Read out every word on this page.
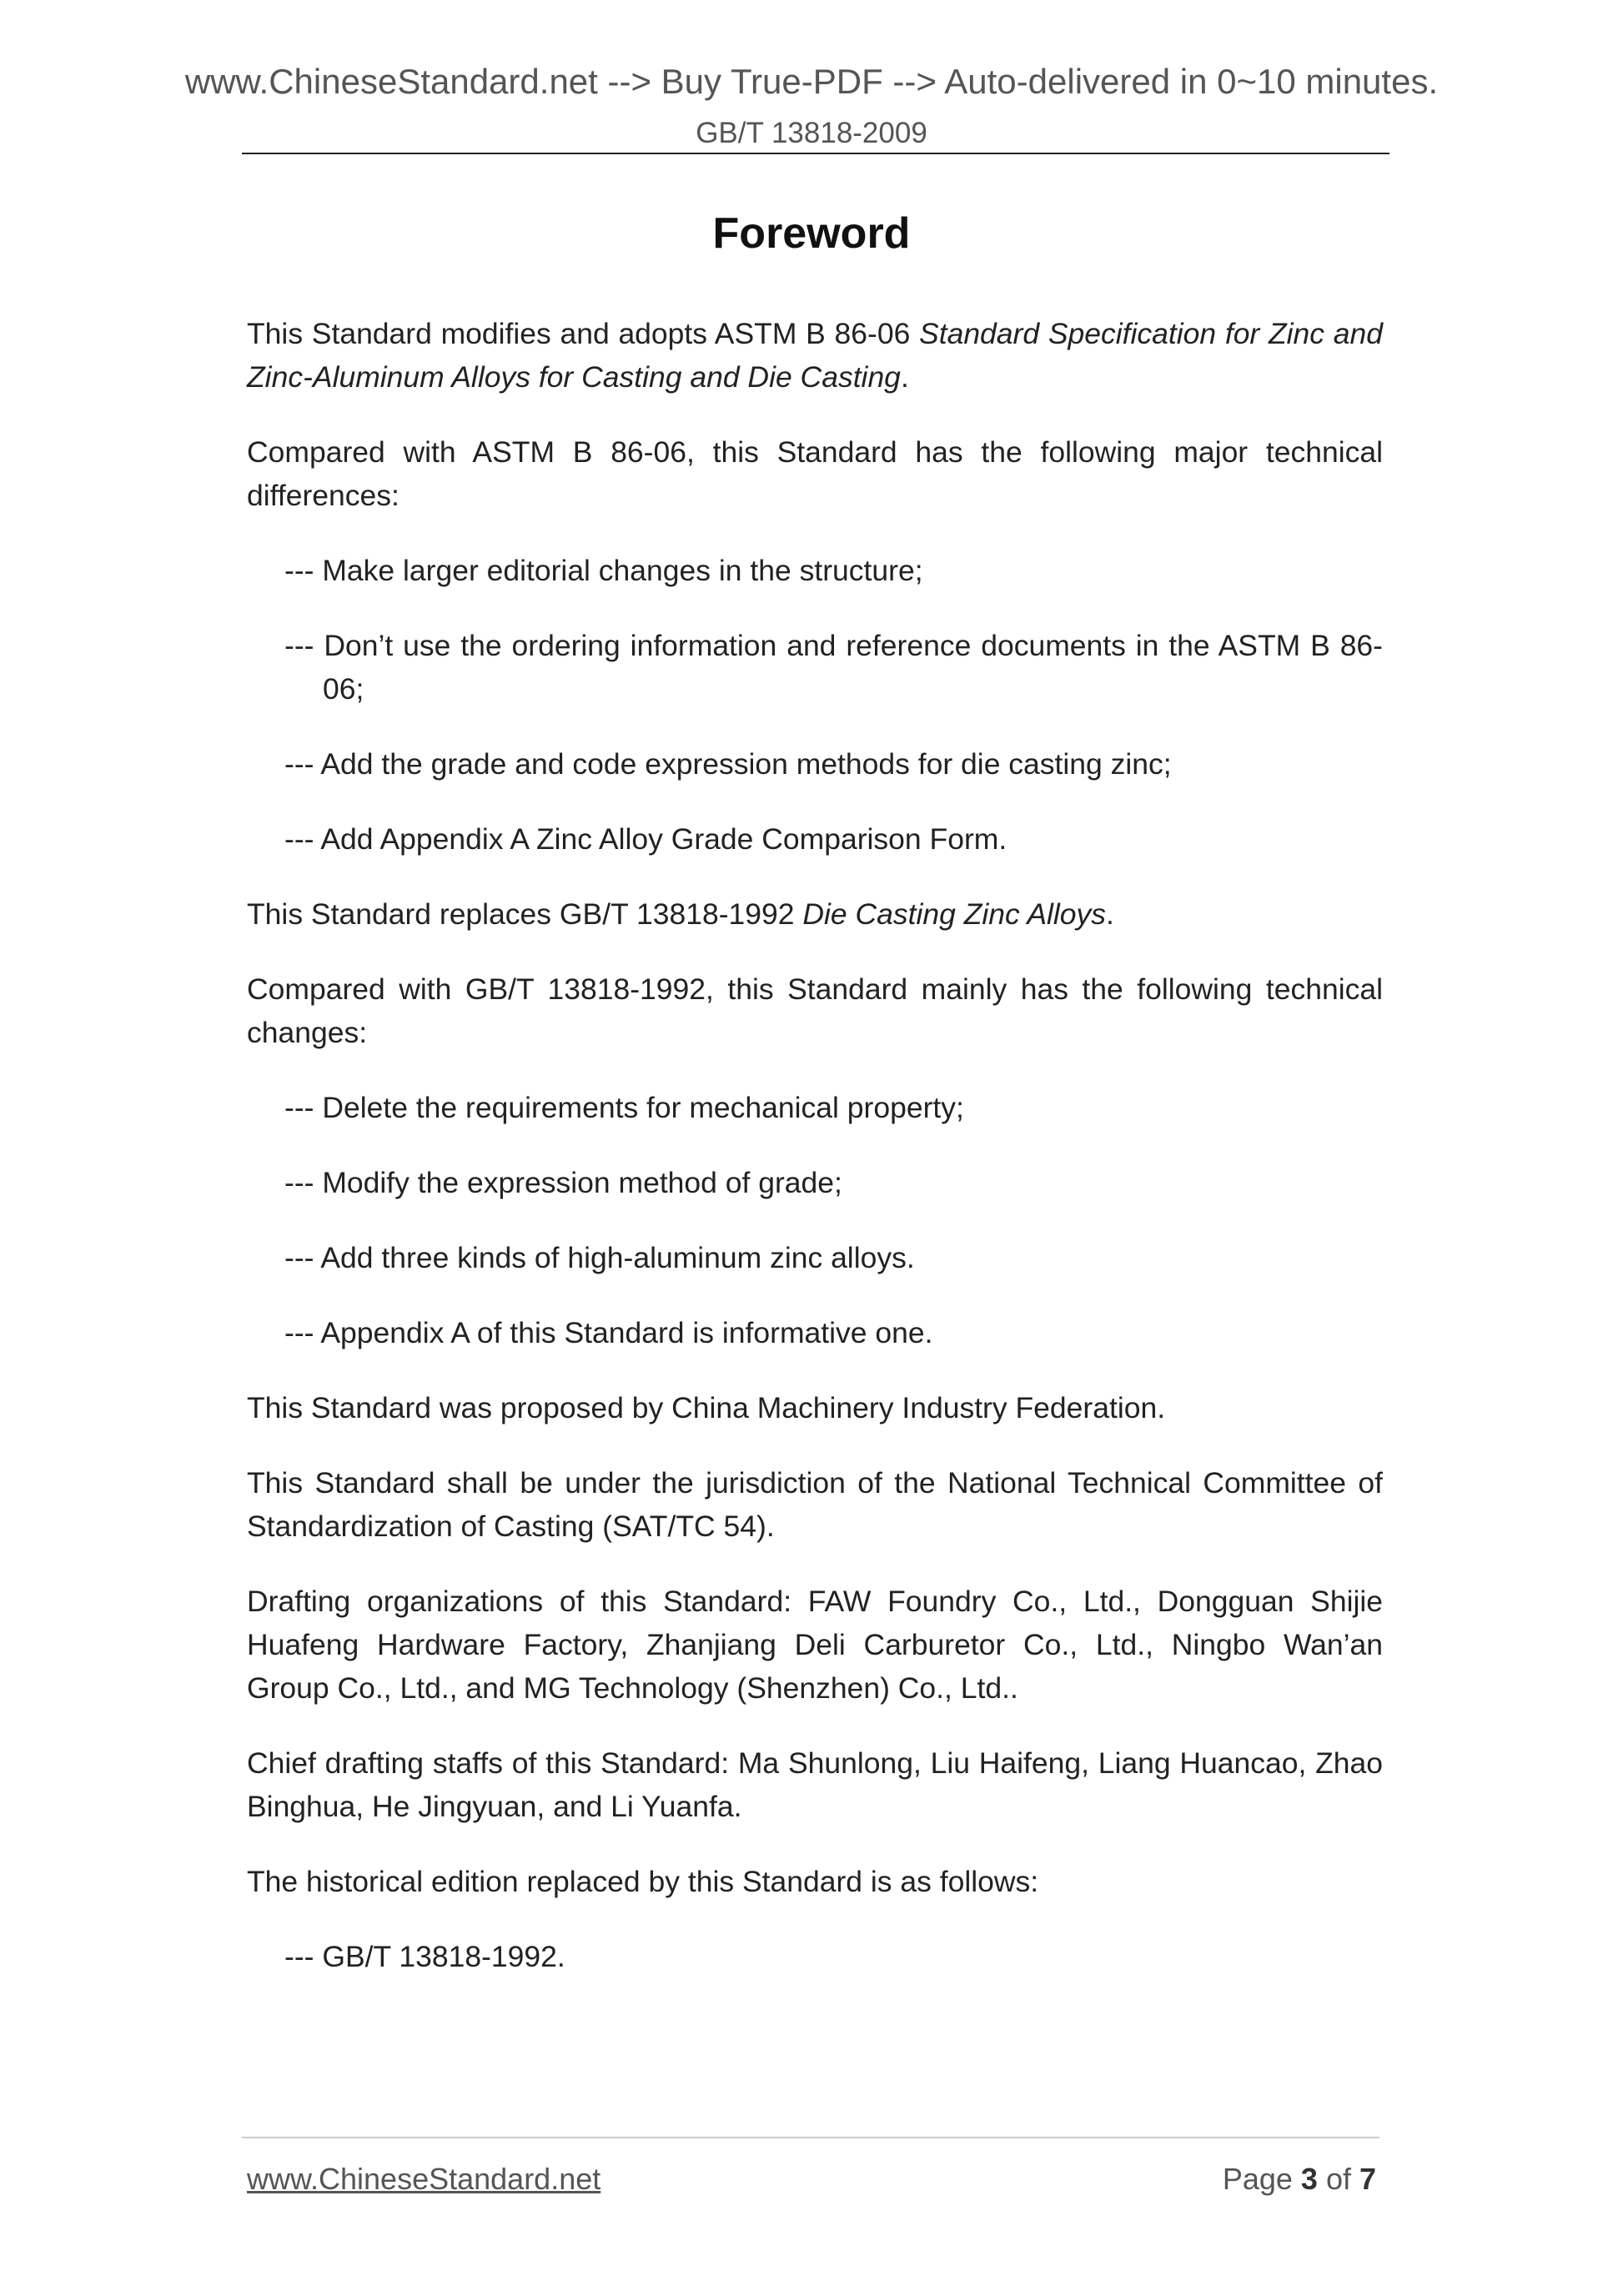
www.ChineseStandard.net --> Buy True-PDF --> Auto-delivered in 0~10 minutes.
GB/T 13818-2009
Foreword

This Standard modifies and adopts ASTM B 86-06 Standard Specification for Zinc and Zinc-Aluminum Alloys for Casting and Die Casting.

Compared with ASTM B 86-06, this Standard has the following major technical differences:

--- Make larger editorial changes in the structure;

--- Don’t use the ordering information and reference documents in the ASTM B 86-06;

--- Add the grade and code expression methods for die casting zinc;

--- Add Appendix A Zinc Alloy Grade Comparison Form.

This Standard replaces GB/T 13818-1992 Die Casting Zinc Alloys.

Compared with GB/T 13818-1992, this Standard mainly has the following technical changes:

--- Delete the requirements for mechanical property;

--- Modify the expression method of grade;

--- Add three kinds of high-aluminum zinc alloys.

--- Appendix A of this Standard is informative one.

This Standard was proposed by China Machinery Industry Federation.

This Standard shall be under the jurisdiction of the National Technical Committee of Standardization of Casting (SAT/TC 54).

Drafting organizations of this Standard: FAW Foundry Co., Ltd., Dongguan Shijie Huafeng Hardware Factory, Zhanjiang Deli Carburetor Co., Ltd., Ningbo Wan’an Group Co., Ltd., and MG Technology (Shenzhen) Co., Ltd..

Chief drafting staffs of this Standard: Ma Shunlong, Liu Haifeng, Liang Huancao, Zhao Binghua, He Jingyuan, and Li Yuanfa.

The historical edition replaced by this Standard is as follows:

--- GB/T 13818-1992.

www.ChineseStandard.net	Page 3 of 7
